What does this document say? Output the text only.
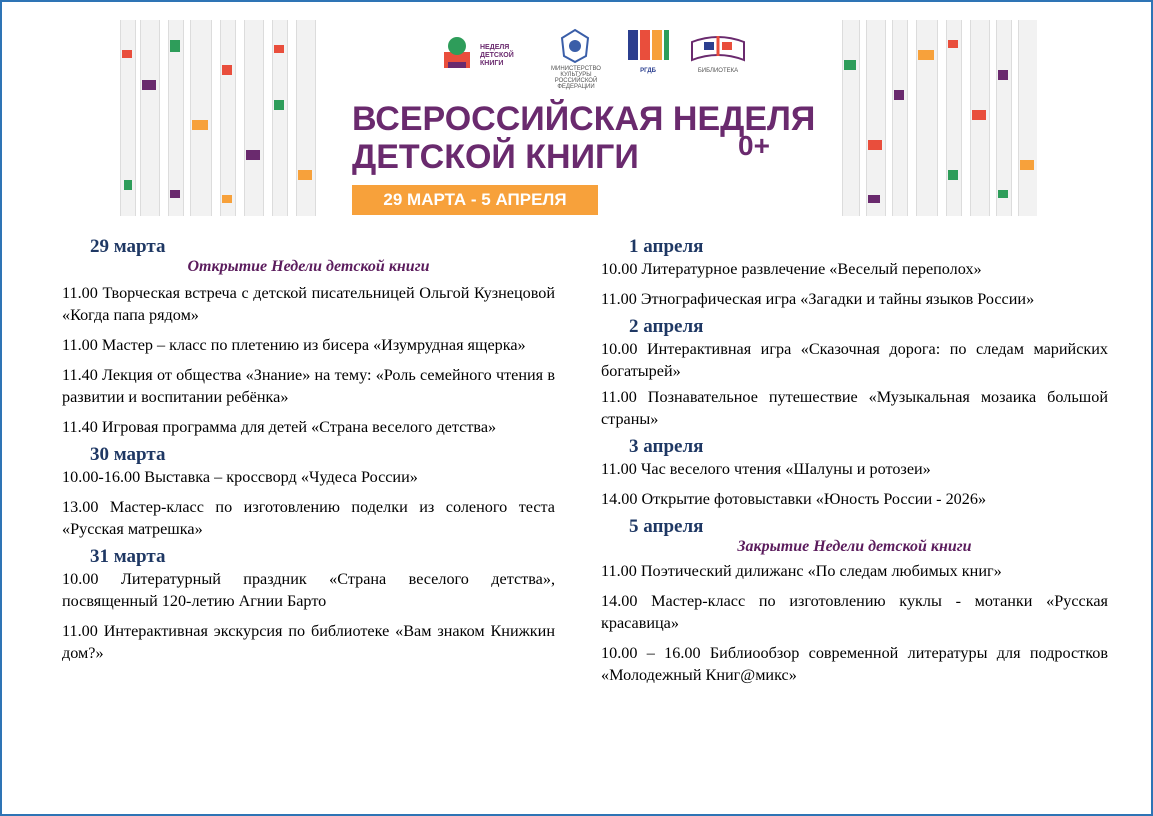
НЕДЕЛЯ ДЕТСКОЙ КНИГИ
МИНИСТЕРСТВО КУЛЬТУРЫ РОССИЙСКОЙ ФЕДЕРАЦИИ
РГДБ	БИБЛИОТЕКА
ВСЕРОССИЙСКАЯ НЕДЕЛЯ
ДЕТСКОЙ КНИГИ	0+
29 МАРТА - 5 АПРЕЛЯ

29 марта

Открытие Недели детской книги

11.00 Творческая встреча с детской писательницей Ольгой Кузнецовой «Когда папа рядом»

11.00 Мастер – класс по плетению из бисера «Изумрудная ящерка»

11.40 Лекция от общества «Знание» на тему: «Роль семейного чтения в развитии и воспитании ребёнка»

11.40 Игровая программа для детей «Страна веселого детства»

30 марта

10.00-16.00 Выставка – кроссворд «Чудеса России»

13.00 Мастер-класс по изготовлению поделки из соленого теста «Русская матрешка»

31 марта

10.00 Литературный праздник «Страна веселого детства», посвященный 120-летию Агнии Барто

11.00 Интерактивная экскурсия по библиотеке «Вам знаком Книжкин дом?»

1 апреля

10.00 Литературное развлечение «Веселый переполох»

11.00 Этнографическая игра «Загадки и тайны языков России»

2 апреля

10.00 Интерактивная игра «Сказочная дорога: по следам марийских богатырей»

11.00 Познавательное путешествие «Музыкальная мозаика большой страны»

3 апреля

11.00 Час веселого чтения «Шалуны и ротозеи»

14.00 Открытие фотовыставки «Юность России - 2026»

5 апреля

Закрытие Недели детской книги

11.00 Поэтический дилижанс «По следам любимых книг»

14.00 Мастер-класс по изготовлению куклы - мотанки «Русская красавица»

10.00 – 16.00 Библиообзор современной литературы для подростков «Молодежный Книг@микс»
